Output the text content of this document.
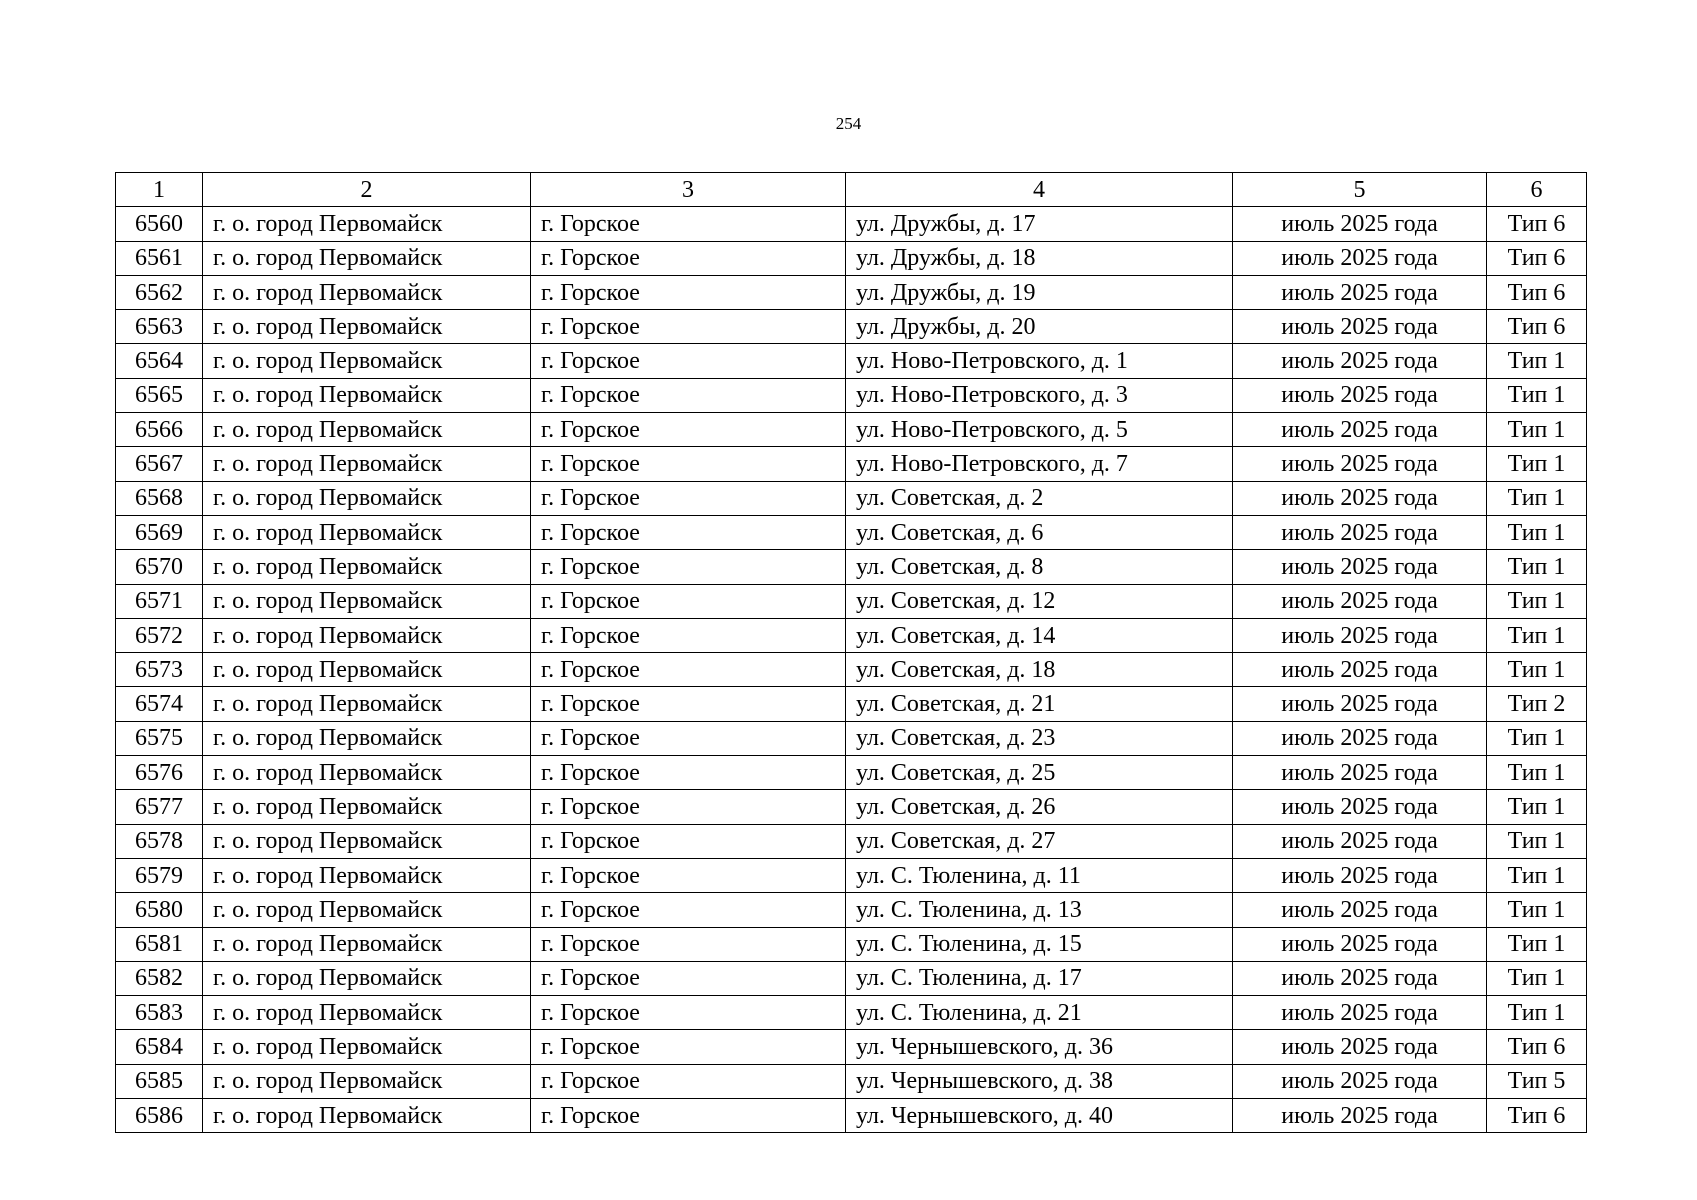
254
1	2	3	4	5	6
6560	г. о. город Первомайск	г. Горское	ул. Дружбы, д. 17	июль 2025 года	Тип 6
6561	г. о. город Первомайск	г. Горское	ул. Дружбы, д. 18	июль 2025 года	Тип 6
6562	г. о. город Первомайск	г. Горское	ул. Дружбы, д. 19	июль 2025 года	Тип 6
6563	г. о. город Первомайск	г. Горское	ул. Дружбы, д. 20	июль 2025 года	Тип 6
6564	г. о. город Первомайск	г. Горское	ул. Ново-Петровского, д. 1	июль 2025 года	Тип 1
6565	г. о. город Первомайск	г. Горское	ул. Ново-Петровского, д. 3	июль 2025 года	Тип 1
6566	г. о. город Первомайск	г. Горское	ул. Ново-Петровского, д. 5	июль 2025 года	Тип 1
6567	г. о. город Первомайск	г. Горское	ул. Ново-Петровского, д. 7	июль 2025 года	Тип 1
6568	г. о. город Первомайск	г. Горское	ул. Советская, д. 2	июль 2025 года	Тип 1
6569	г. о. город Первомайск	г. Горское	ул. Советская, д. 6	июль 2025 года	Тип 1
6570	г. о. город Первомайск	г. Горское	ул. Советская, д. 8	июль 2025 года	Тип 1
6571	г. о. город Первомайск	г. Горское	ул. Советская, д. 12	июль 2025 года	Тип 1
6572	г. о. город Первомайск	г. Горское	ул. Советская, д. 14	июль 2025 года	Тип 1
6573	г. о. город Первомайск	г. Горское	ул. Советская, д. 18	июль 2025 года	Тип 1
6574	г. о. город Первомайск	г. Горское	ул. Советская, д. 21	июль 2025 года	Тип 2
6575	г. о. город Первомайск	г. Горское	ул. Советская, д. 23	июль 2025 года	Тип 1
6576	г. о. город Первомайск	г. Горское	ул. Советская, д. 25	июль 2025 года	Тип 1
6577	г. о. город Первомайск	г. Горское	ул. Советская, д. 26	июль 2025 года	Тип 1
6578	г. о. город Первомайск	г. Горское	ул. Советская, д. 27	июль 2025 года	Тип 1
6579	г. о. город Первомайск	г. Горское	ул. С. Тюленина, д. 11	июль 2025 года	Тип 1
6580	г. о. город Первомайск	г. Горское	ул. С. Тюленина, д. 13	июль 2025 года	Тип 1
6581	г. о. город Первомайск	г. Горское	ул. С. Тюленина, д. 15	июль 2025 года	Тип 1
6582	г. о. город Первомайск	г. Горское	ул. С. Тюленина, д. 17	июль 2025 года	Тип 1
6583	г. о. город Первомайск	г. Горское	ул. С. Тюленина, д. 21	июль 2025 года	Тип 1
6584	г. о. город Первомайск	г. Горское	ул. Чернышевского, д. 36	июль 2025 года	Тип 6
6585	г. о. город Первомайск	г. Горское	ул. Чернышевского, д. 38	июль 2025 года	Тип 5
6586	г. о. город Первомайск	г. Горское	ул. Чернышевского, д. 40	июль 2025 года	Тип 6
